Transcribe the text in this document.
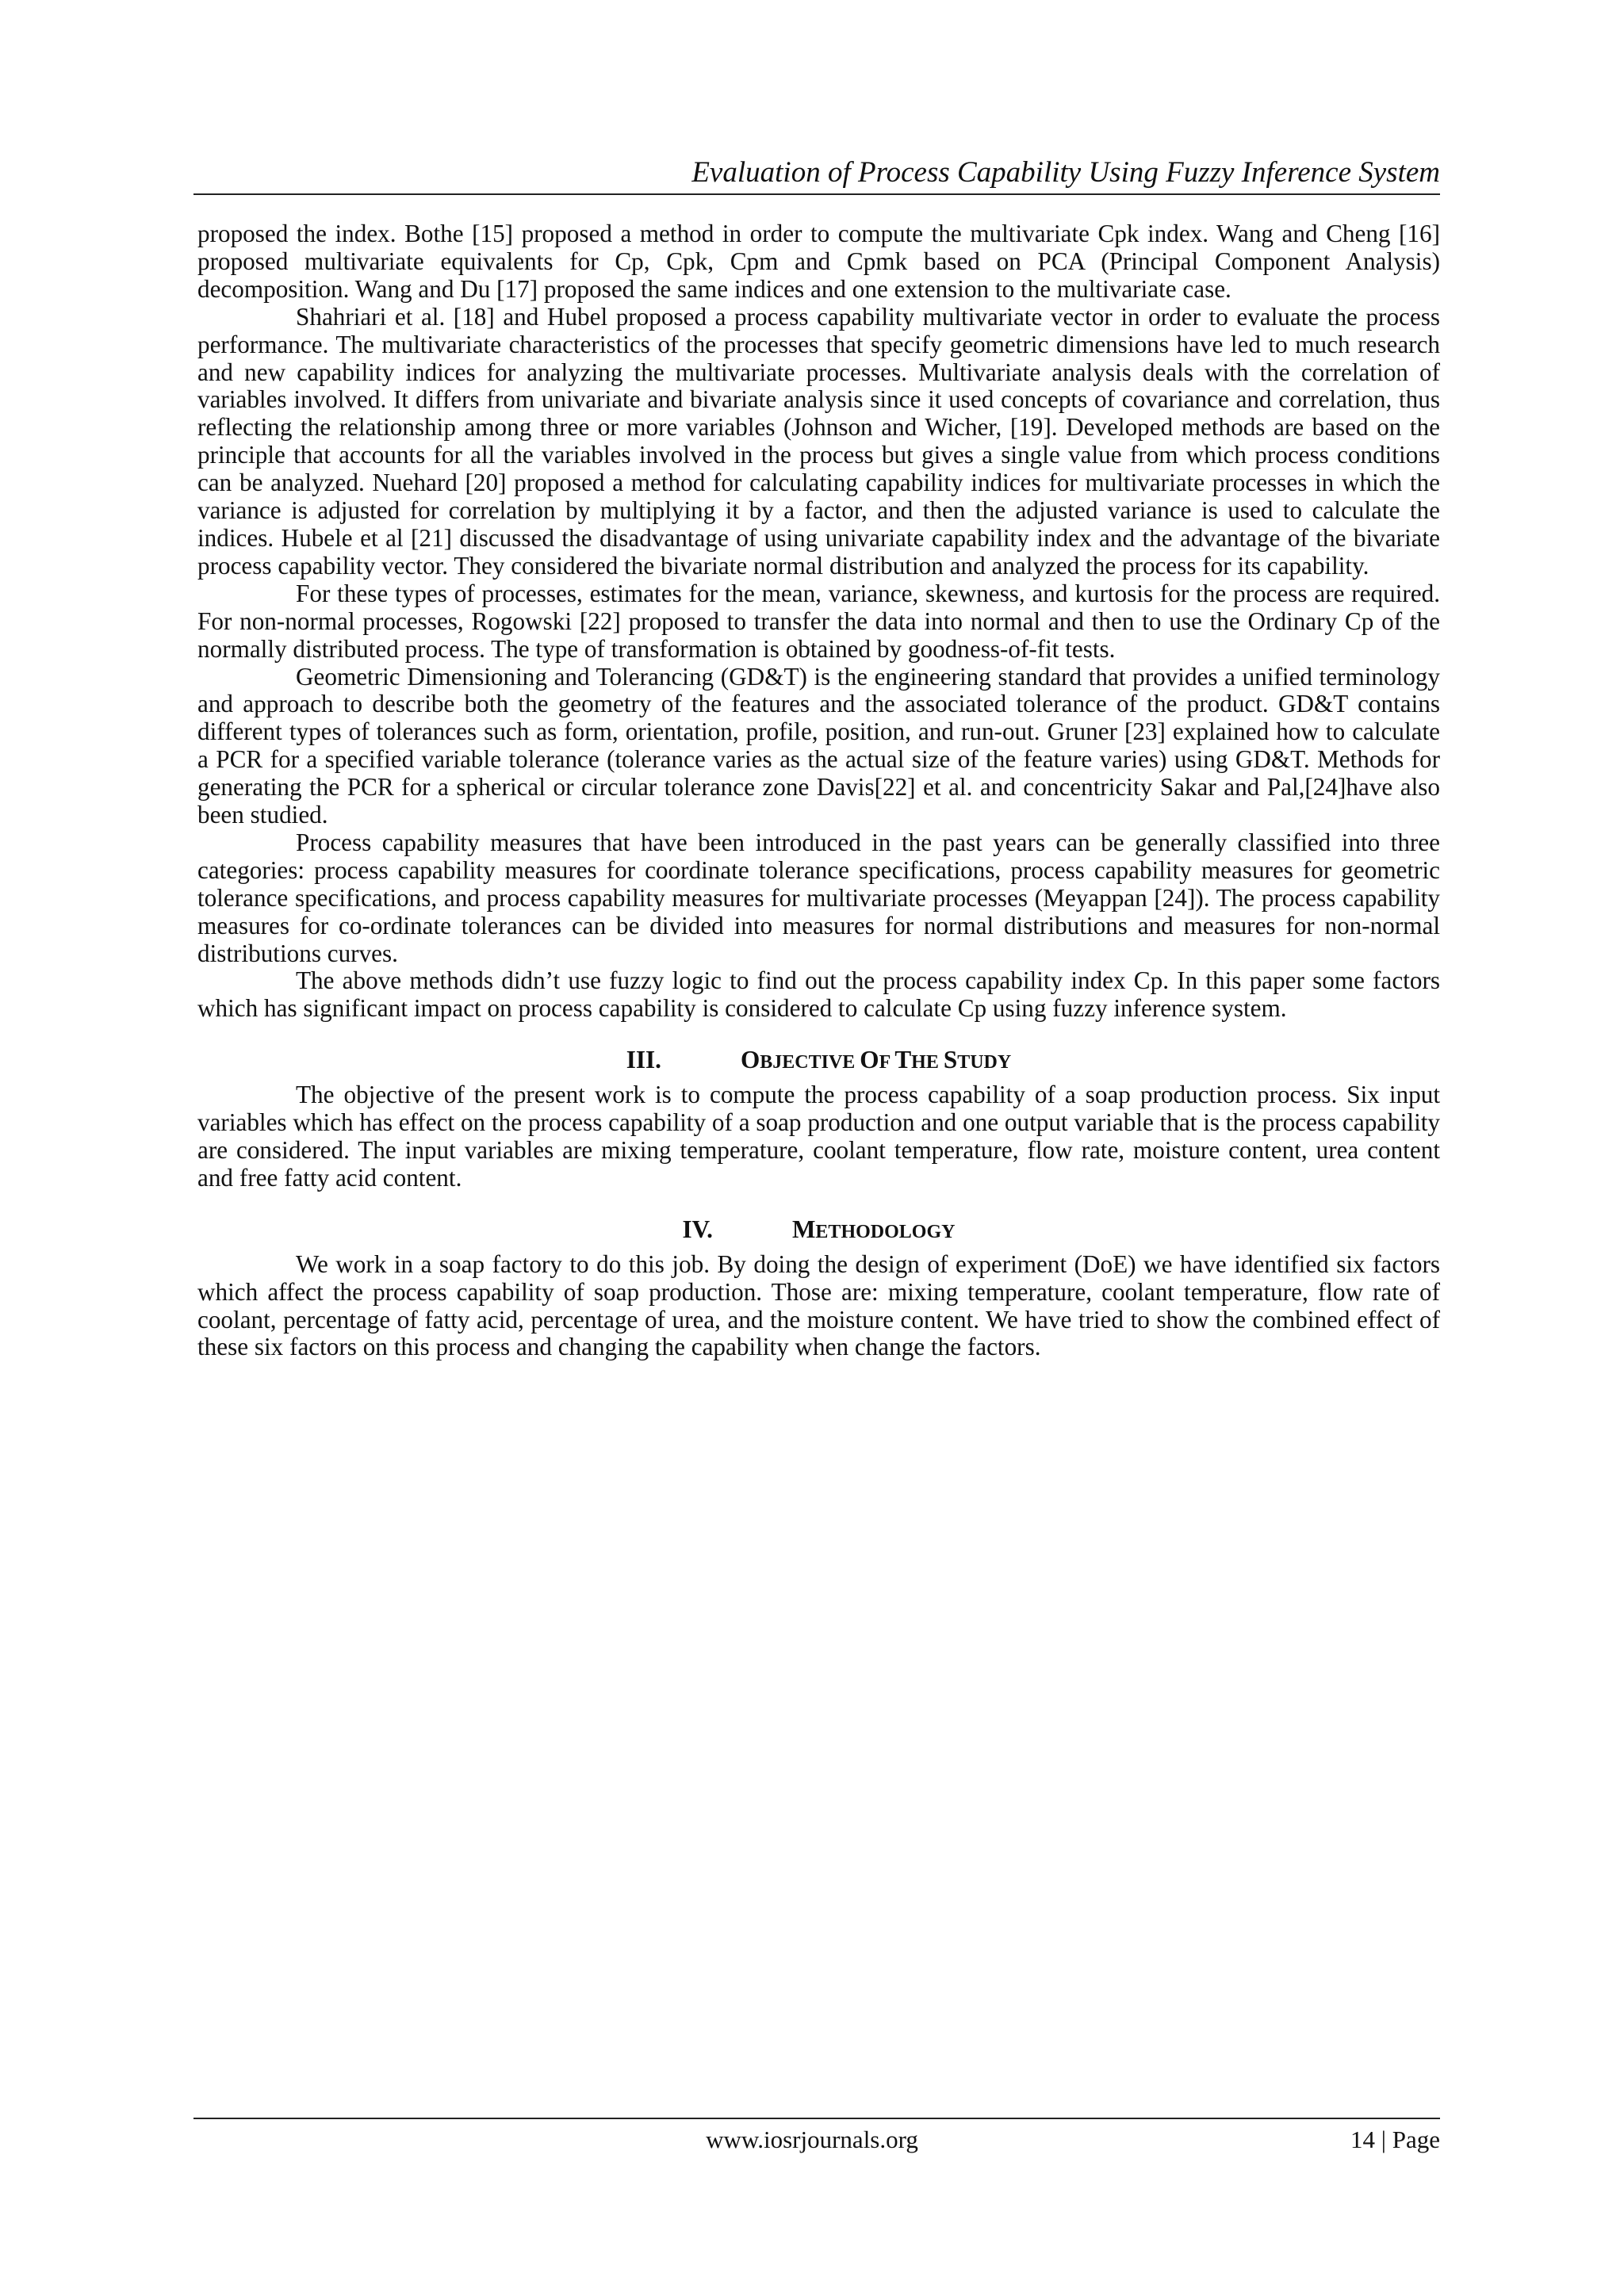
Evaluation of Process Capability Using Fuzzy Inference System

proposed the index. Bothe [15] proposed a method in order to compute the multivariate Cpk index. Wang and Cheng [16] proposed multivariate equivalents for Cp, Cpk, Cpm and Cpmk based on PCA (Principal Component Analysis) decomposition. Wang and Du [17] proposed the same indices and one extension to the multivariate case.

Shahriari et al. [18] and Hubel proposed a process capability multivariate vector in order to evaluate the process performance. The multivariate characteristics of the processes that specify geometric dimensions have led to much research and new capability indices for analyzing the multivariate processes. Multivariate analysis deals with the correlation of variables involved. It differs from univariate and bivariate analysis since it used concepts of covariance and correlation, thus reflecting the relationship among three or more variables (Johnson and Wicher, [19]. Developed methods are based on the principle that accounts for all the variables involved in the process but gives a single value from which process conditions can be analyzed. Nuehard [20] proposed a method for calculating capability indices for multivariate processes in which the variance is adjusted for correlation by multiplying it by a factor, and then the adjusted variance is used to calculate the indices. Hubele et al [21] discussed the disadvantage of using univariate capability index and the advantage of the bivariate process capability vector. They considered the bivariate normal distribution and analyzed the process for its capability.

For these types of processes, estimates for the mean, variance, skewness, and kurtosis for the process are required. For non-normal processes, Rogowski [22] proposed to transfer the data into normal and then to use the Ordinary Cp of the normally distributed process. The type of transformation is obtained by goodness-of-fit tests.

Geometric Dimensioning and Tolerancing (GD&T) is the engineering standard that provides a unified terminology and approach to describe both the geometry of the features and the associated tolerance of the product. GD&T contains different types of tolerances such as form, orientation, profile, position, and run-out. Gruner [23] explained how to calculate a PCR for a specified variable tolerance (tolerance varies as the actual size of the feature varies) using GD&T. Methods for generating the PCR for a spherical or circular tolerance zone Davis[22] et al. and concentricity Sakar and Pal,[24]have also been studied.

Process capability measures that have been introduced in the past years can be generally classified into three categories: process capability measures for coordinate tolerance specifications, process capability measures for geometric tolerance specifications, and process capability measures for multivariate processes (Meyappan [24]). The process capability measures for co-ordinate tolerances can be divided into measures for normal distributions and measures for non-normal distributions curves.

The above methods didn’t use fuzzy logic to find out the process capability index Cp. In this paper some factors which has significant impact on process capability is considered to calculate Cp using fuzzy inference system.

III.	OBJECTIVE OF THE STUDY

The objective of the present work is to compute the process capability of a soap production process. Six input variables which has effect on the process capability of a soap production and one output variable that is the process capability are considered. The input variables are mixing temperature, coolant temperature, flow rate, moisture content, urea content and free fatty acid content.

IV.	METHODOLOGY

We work in a soap factory to do this job. By doing the design of experiment (DoE) we have identified six factors which affect the process capability of soap production. Those are: mixing temperature, coolant temperature, flow rate of coolant, percentage of fatty acid, percentage of urea, and the moisture content. We have tried to show the combined effect of these six factors on this process and changing the capability when change the factors.

www.iosrjournals.org	14 | Page
